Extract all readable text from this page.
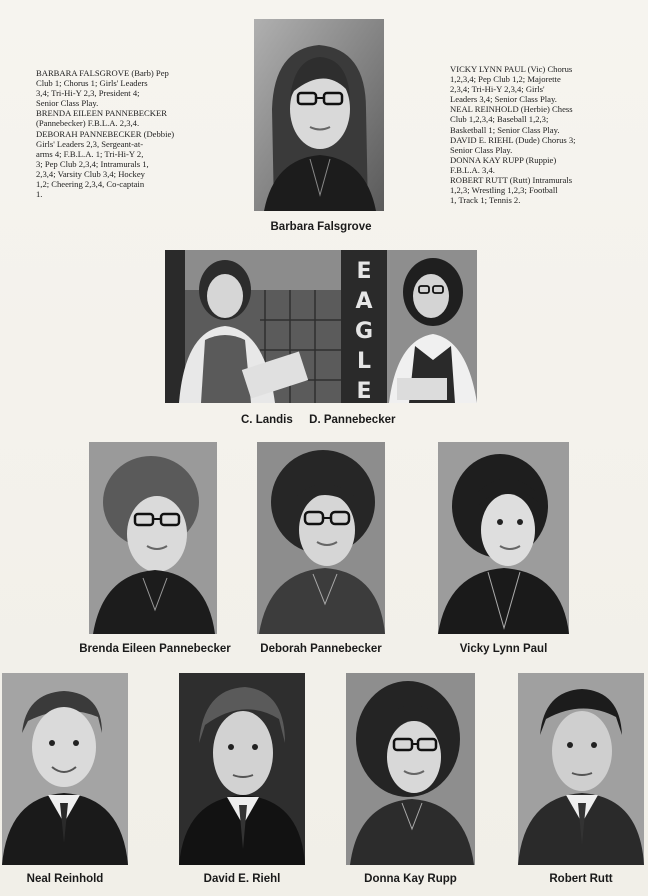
BARBARA FALSGROVE (Barb) Pep
Club 1; Chorus 1; Girls' Leaders
3,4; Tri-Hi-Y 2,3, President 4;
Senior Class Play.
BRENDA EILEEN PANNEBECKER
(Pannebecker) F.B.L.A. 2,3,4.
DEBORAH PANNEBECKER (Debbie)
Girls' Leaders 2,3, Sergeant-at-
arms 4; F.B.L.A. 1; Tri-Hi-Y 2,
3; Pep Club 2,3,4; Intramurals 1,
2,3,4; Varsity Club 3,4; Hockey
1,2; Cheering 2,3,4, Co-captain
1.

VICKY LYNN PAUL (Vic) Chorus
1,2,3,4; Pep Club 1,2; Majorette
2,3,4; Tri-Hi-Y 2,3,4; Girls'
Leaders 3,4; Senior Class Play.
NEAL REINHOLD (Herbie) Chess
Club 1,2,3,4; Baseball 1,2,3;
Basketball 1; Senior Class Play.
DAVID E. RIEHL (Dude) Chorus 3;
Senior Class Play.
DONNA KAY RUPP (Ruppie)
F.B.L.A. 3,4.
ROBERT RUTT (Rutt) Intramurals
1,2,3; Wrestling 1,2,3; Football
1, Track 1; Tennis 2.

Barbara Falsgrove
E
A
G
L
E
C. Landis D. Pannebecker
Brenda Eileen Pannebecker	Deborah Pannebecker	Vicky Lynn Paul
Neal Reinhold	David E. Riehl	Donna Kay Rupp	Robert Rutt
